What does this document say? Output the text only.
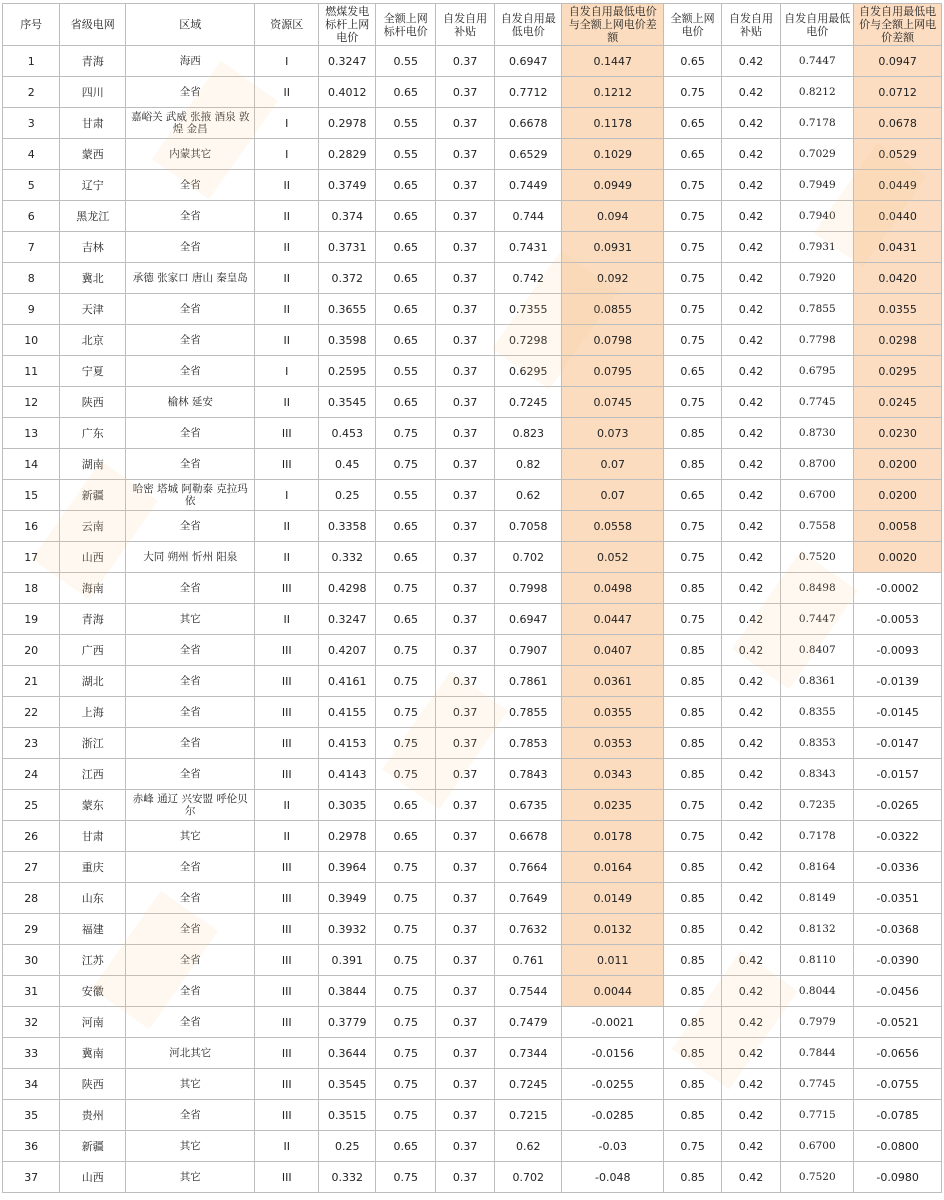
序号	省级电网	区域	资源区	燃煤发电标杆上网电价	全额上网标杆电价	自发自用补贴	自发自用最低电价	自发自用最低电价与全额上网电价差额	全额上网电价	自发自用补贴	自发自用最低电价	自发自用最低电价与全额上网电价差额
1	青海	海西	I	0.3247	0.55	0.37	0.6947	0.1447	0.65	0.42	0.7447	0.0947
2	四川	全省	II	0.4012	0.65	0.37	0.7712	0.1212	0.75	0.42	0.8212	0.0712
3	甘肃	嘉峪关 武威 张掖 酒泉 敦煌 金昌	I	0.2978	0.55	0.37	0.6678	0.1178	0.65	0.42	0.7178	0.0678
4	蒙西	内蒙其它	I	0.2829	0.55	0.37	0.6529	0.1029	0.65	0.42	0.7029	0.0529
5	辽宁	全省	II	0.3749	0.65	0.37	0.7449	0.0949	0.75	0.42	0.7949	0.0449
6	黑龙江	全省	II	0.374	0.65	0.37	0.744	0.094	0.75	0.42	0.7940	0.0440
7	吉林	全省	II	0.3731	0.65	0.37	0.7431	0.0931	0.75	0.42	0.7931	0.0431
8	冀北	承德 张家口 唐山 秦皇岛	II	0.372	0.65	0.37	0.742	0.092	0.75	0.42	0.7920	0.0420
9	天津	全省	II	0.3655	0.65	0.37	0.7355	0.0855	0.75	0.42	0.7855	0.0355
10	北京	全省	II	0.3598	0.65	0.37	0.7298	0.0798	0.75	0.42	0.7798	0.0298
11	宁夏	全省	I	0.2595	0.55	0.37	0.6295	0.0795	0.65	0.42	0.6795	0.0295
12	陕西	榆林 延安	II	0.3545	0.65	0.37	0.7245	0.0745	0.75	0.42	0.7745	0.0245
13	广东	全省	III	0.453	0.75	0.37	0.823	0.073	0.85	0.42	0.8730	0.0230
14	湖南	全省	III	0.45	0.75	0.37	0.82	0.07	0.85	0.42	0.8700	0.0200
15	新疆	哈密 塔城 阿勒泰 克拉玛依	I	0.25	0.55	0.37	0.62	0.07	0.65	0.42	0.6700	0.0200
16	云南	全省	II	0.3358	0.65	0.37	0.7058	0.0558	0.75	0.42	0.7558	0.0058
17	山西	大同 朔州 忻州 阳泉	II	0.332	0.65	0.37	0.702	0.052	0.75	0.42	0.7520	0.0020
18	海南	全省	III	0.4298	0.75	0.37	0.7998	0.0498	0.85	0.42	0.8498	-0.0002
19	青海	其它	II	0.3247	0.65	0.37	0.6947	0.0447	0.75	0.42	0.7447	-0.0053
20	广西	全省	III	0.4207	0.75	0.37	0.7907	0.0407	0.85	0.42	0.8407	-0.0093
21	湖北	全省	III	0.4161	0.75	0.37	0.7861	0.0361	0.85	0.42	0.8361	-0.0139
22	上海	全省	III	0.4155	0.75	0.37	0.7855	0.0355	0.85	0.42	0.8355	-0.0145
23	浙江	全省	III	0.4153	0.75	0.37	0.7853	0.0353	0.85	0.42	0.8353	-0.0147
24	江西	全省	III	0.4143	0.75	0.37	0.7843	0.0343	0.85	0.42	0.8343	-0.0157
25	蒙东	赤峰 通辽 兴安盟 呼伦贝尔	II	0.3035	0.65	0.37	0.6735	0.0235	0.75	0.42	0.7235	-0.0265
26	甘肃	其它	II	0.2978	0.65	0.37	0.6678	0.0178	0.75	0.42	0.7178	-0.0322
27	重庆	全省	III	0.3964	0.75	0.37	0.7664	0.0164	0.85	0.42	0.8164	-0.0336
28	山东	全省	III	0.3949	0.75	0.37	0.7649	0.0149	0.85	0.42	0.8149	-0.0351
29	福建	全省	III	0.3932	0.75	0.37	0.7632	0.0132	0.85	0.42	0.8132	-0.0368
30	江苏	全省	III	0.391	0.75	0.37	0.761	0.011	0.85	0.42	0.8110	-0.0390
31	安徽	全省	III	0.3844	0.75	0.37	0.7544	0.0044	0.85	0.42	0.8044	-0.0456
32	河南	全省	III	0.3779	0.75	0.37	0.7479	-0.0021	0.85	0.42	0.7979	-0.0521
33	冀南	河北其它	III	0.3644	0.75	0.37	0.7344	-0.0156	0.85	0.42	0.7844	-0.0656
34	陕西	其它	III	0.3545	0.75	0.37	0.7245	-0.0255	0.85	0.42	0.7745	-0.0755
35	贵州	全省	III	0.3515	0.75	0.37	0.7215	-0.0285	0.85	0.42	0.7715	-0.0785
36	新疆	其它	II	0.25	0.65	0.37	0.62	-0.03	0.75	0.42	0.6700	-0.0800
37	山西	其它	III	0.332	0.75	0.37	0.702	-0.048	0.85	0.42	0.7520	-0.0980
